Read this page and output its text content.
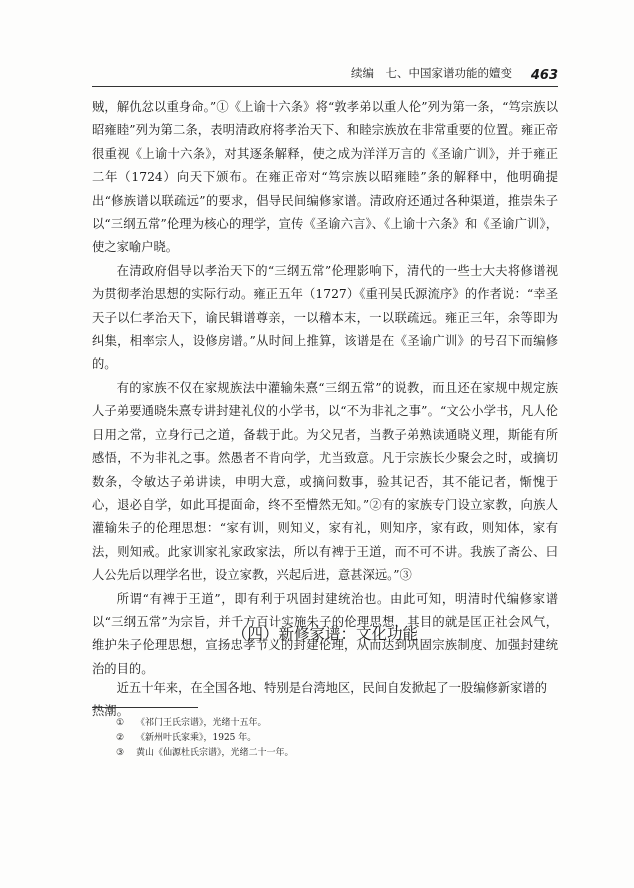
续编　七、中国家谱功能的嬗变 463

贼，解仇忿以重身命。”①《上谕十六条》将“敦孝弟以重人伦”列为第一条，“笃宗族以昭雍睦”列为第二条，表明清政府将孝治天下、和睦宗族放在非常重要的位置。雍正帝很重视《上谕十六条》，对其逐条解释，使之成为洋洋万言的《圣谕广训》，并于雍正二年（1724）向天下颁布。在雍正帝对“笃宗族以昭雍睦”条的解释中，他明确提出“修族谱以联疏远”的要求，倡导民间编修家谱。清政府还通过各种渠道，推崇朱子以“三纲五常”伦理为核心的理学，宣传《圣谕六言》、《上谕十六条》和《圣谕广训》，使之家喻户晓。

在清政府倡导以孝治天下的“三纲五常”伦理影响下，清代的一些士大夫将修谱视为贯彻孝治思想的实际行动。雍正五年（1727）《重刊吴氏源流序》的作者说：“幸圣天子以仁孝治天下，谕民辑谱尊亲，一以稽本末，一以联疏远。雍正三年，余等即为纠集，相率宗人，设修房谱。”从时间上推算，该谱是在《圣谕广训》的号召下而编修的。

有的家族不仅在家规族法中灌输朱熹“三纲五常”的说教，而且还在家规中规定族人子弟要通晓朱熹专讲封建礼仪的小学书，以“不为非礼之事”。“文公小学书，凡人伦日用之常，立身行己之道，备载于此。为父兄者，当教子弟熟读通晓义理，斯能有所感悟，不为非礼之事。然愚者不肯向学，尤当致意。凡于宗族长少聚会之时，或摘切数条，令敏达子弟讲读，申明大意，或摘问数事，验其记否，其不能记者，惭愧于心，退必自学，如此耳提面命，终不至懵然无知。”②有的家族专门设立家教，向族人灌输朱子的伦理思想：“家有训，则知义，家有礼，则知序，家有政，则知体，家有法，则知戒。此家训家礼家政家法，所以有裨于王道，而不可不讲。我族了斋公、曰人公先后以理学名世，设立家教，兴起后进，意甚深远。”③

所谓“有裨于王道”，即有利于巩固封建统治也。由此可知，明清时代编修家谱以“三纲五常”为宗旨，并千方百计实施朱子的伦理思想，其目的就是匡正社会风气，维护朱子伦理思想，宣扬忠孝节义的封建伦理，从而达到巩固宗族制度、加强封建统治的目的。

（四）新修家谱：文化功能
近五十年来，在全国各地、特别是台湾地区，民间自发掀起了一股编修新家谱的热潮。
①	《祁门王氏宗谱》，光绪十五年。
②	《新州叶氏家乘》，1925 年。
③	黄山《仙源杜氏宗谱》，光绪二十一年。
